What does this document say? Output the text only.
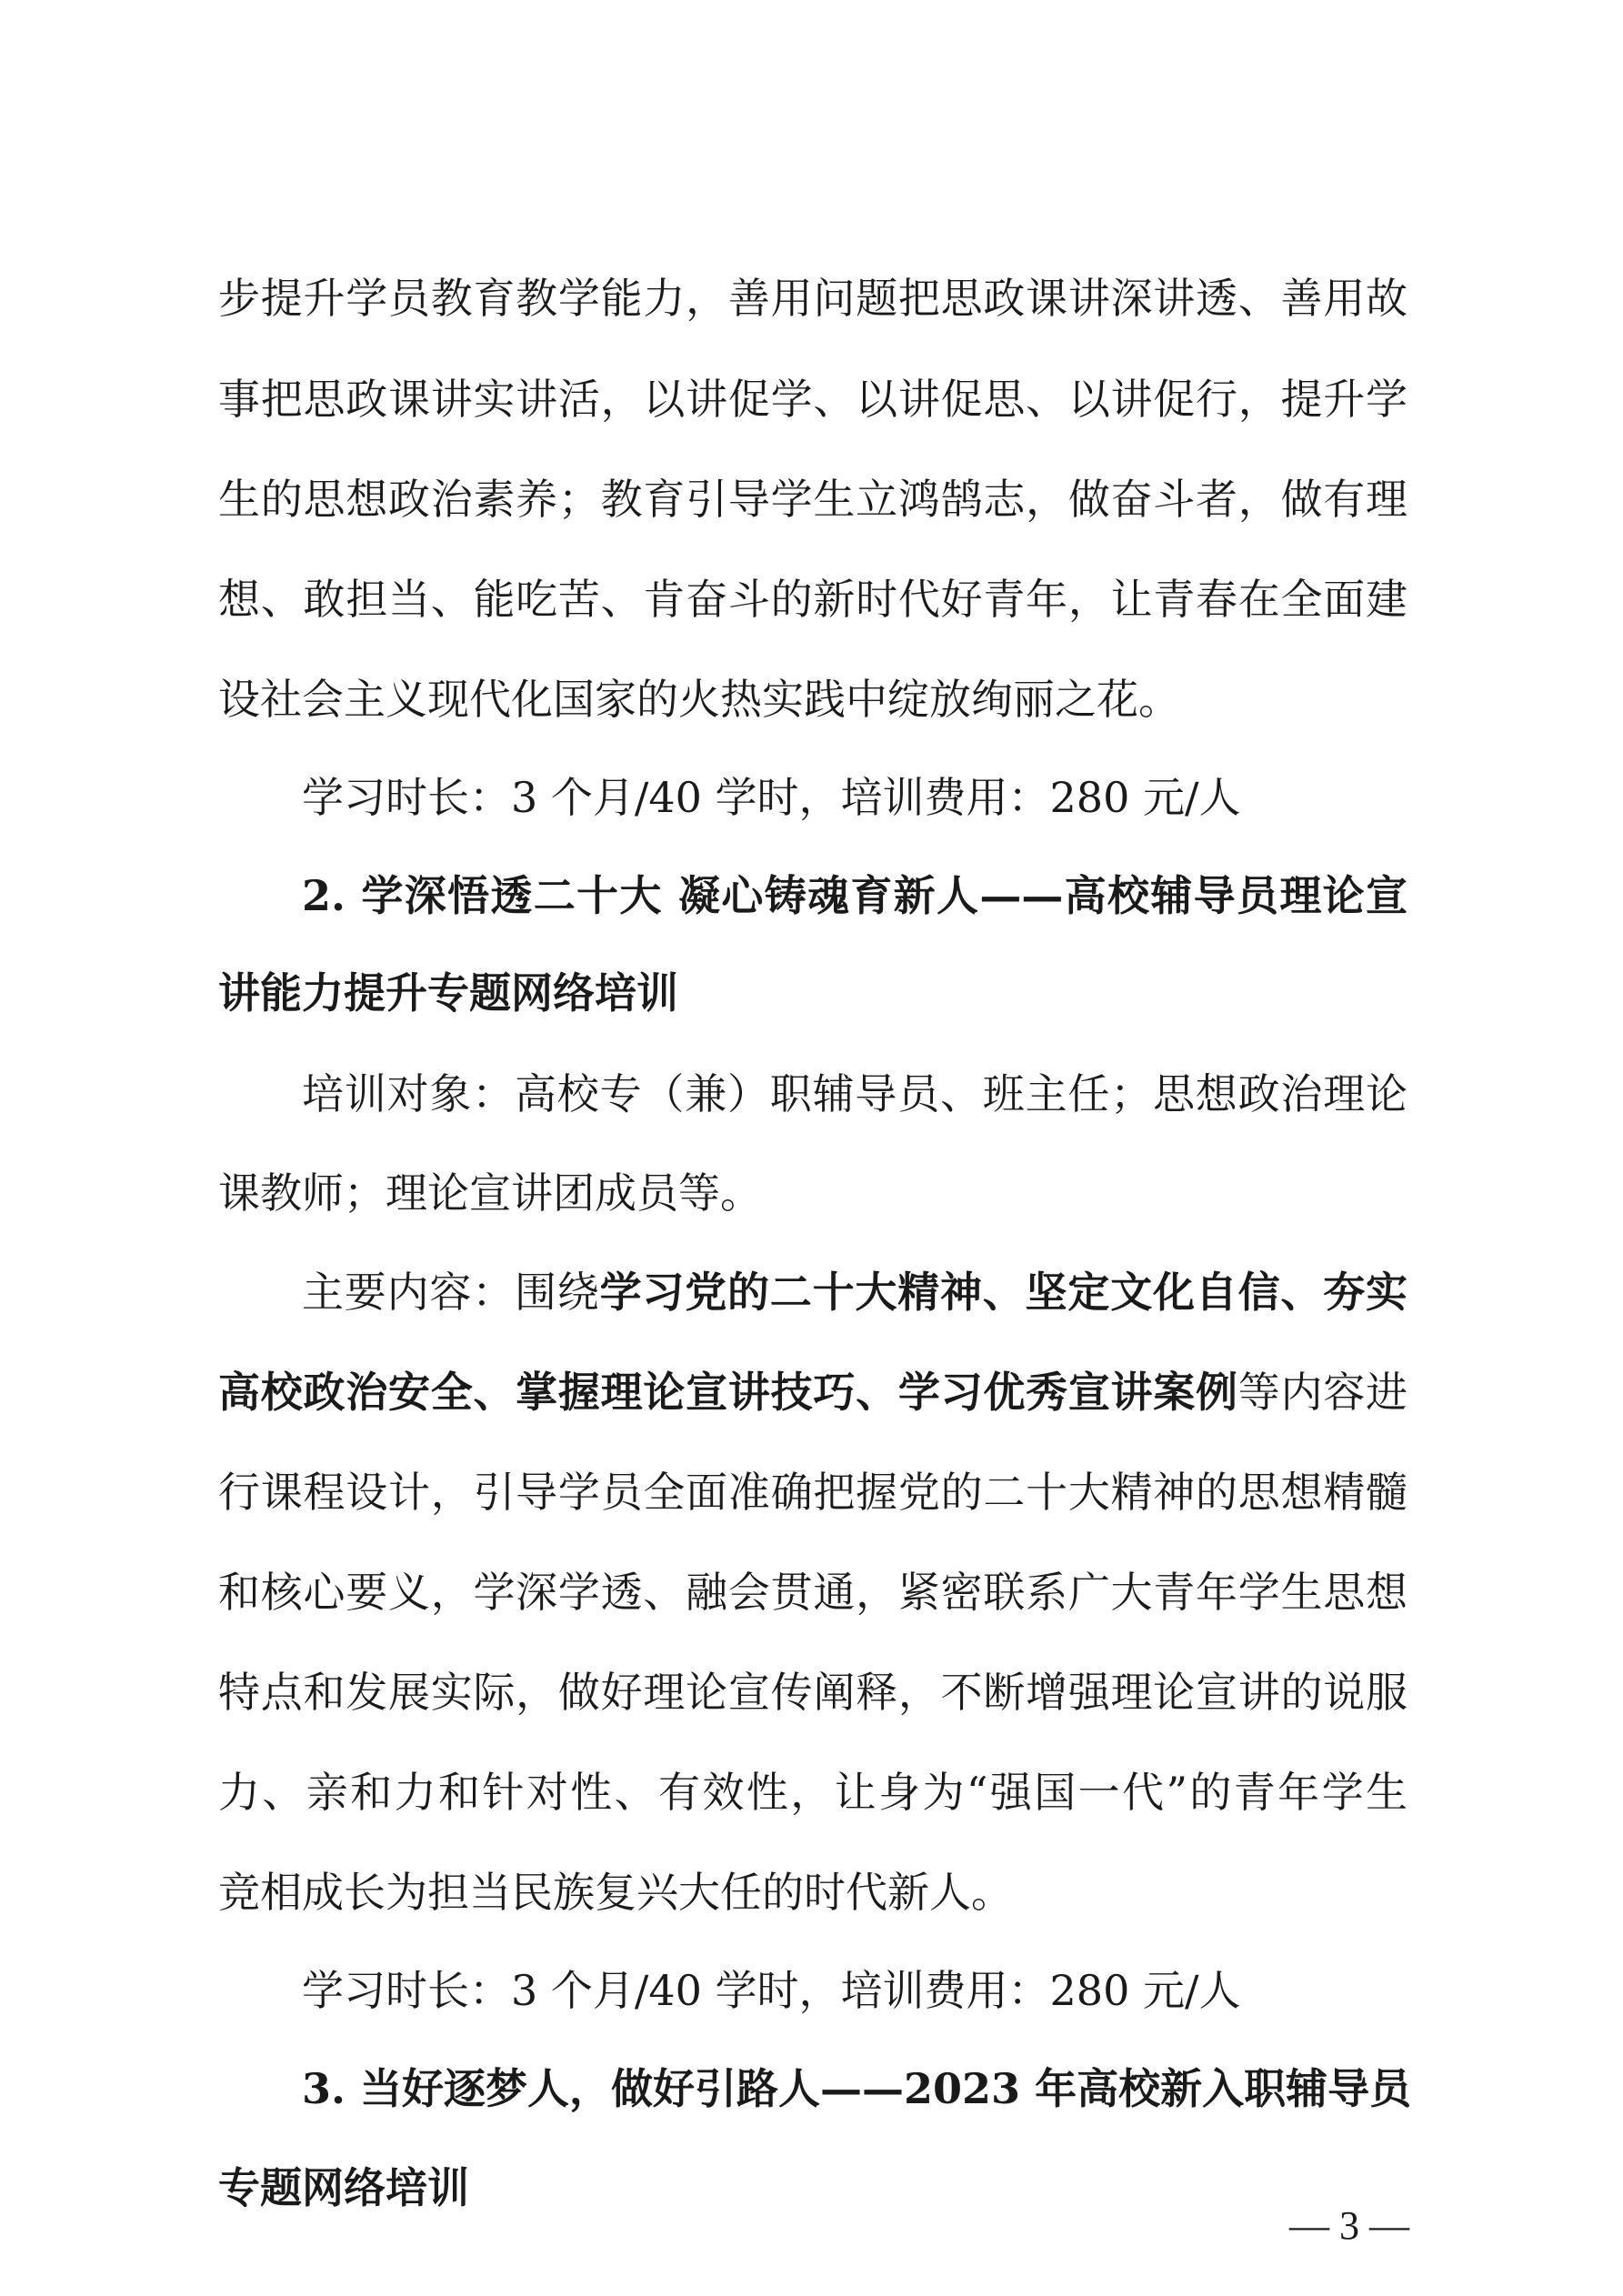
步提升学员教育教学能力，善用问题把思政课讲深讲透、善用故
事把思政课讲实讲活，以讲促学、以讲促思、以讲促行，提升学
生的思想政治素养；教育引导学生立鸿鹄志，做奋斗者，做有理
想、敢担当、能吃苦、肯奋斗的新时代好青年，让青春在全面建
设社会主义现代化国家的火热实践中绽放绚丽之花。
学习时长：3 个月/40 学时，培训费用：280 元/人
2. 学深悟透二十大 凝心铸魂育新人——高校辅导员理论宣
讲能力提升专题网络培训
培训对象：高校专（兼）职辅导员、班主任；思想政治理论
课教师；理论宣讲团成员等。
主要内容：围绕学习党的二十大精神、坚定文化自信、夯实
高校政治安全、掌握理论宣讲技巧、学习优秀宣讲案例等内容进
行课程设计，引导学员全面准确把握党的二十大精神的思想精髓
和核心要义，学深学透、融会贯通，紧密联系广大青年学生思想
特点和发展实际，做好理论宣传阐释，不断增强理论宣讲的说服
力、亲和力和针对性、有效性，让身为“强国一代”的青年学生
竞相成长为担当民族复兴大任的时代新人。
学习时长：3 个月/40 学时，培训费用：280 元/人
3. 当好逐梦人，做好引路人——2023 年高校新入职辅导员
专题网络培训
— 3 —
